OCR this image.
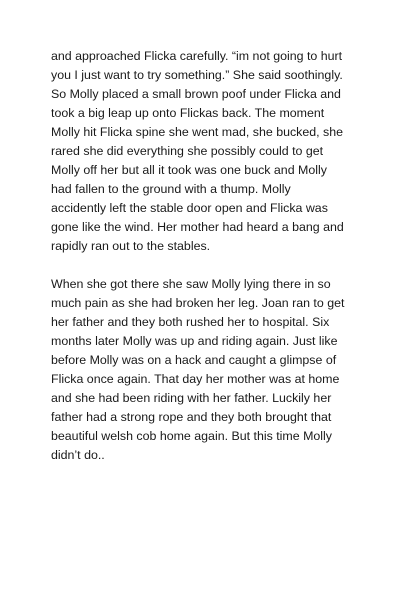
and approached Flicka carefully. “im not going to hurt
you I just want to try something.” She said soothingly.
So Molly placed a small brown poof under Flicka and
took a big leap up onto Flickas back. The moment
Molly hit Flicka spine she went mad, she bucked, she
rared she did everything she possibly could to get
Molly off her but all it took was one buck and Molly
had fallen to the ground with a thump. Molly
accidently left the stable door open and Flicka was
gone like the wind. Her mother had heard a bang and
rapidly ran out to the stables.
When she got there she saw Molly lying there in so
much pain as she had broken her leg. Joan ran to get
her father and they both rushed her to hospital. Six
months later Molly was up and riding again. Just like
before Molly was on a hack and caught a glimpse of
Flicka once again. That day her mother was at home
and she had been riding with her father. Luckily her
father had a strong rope and they both brought that
beautiful welsh cob home again. But this time Molly
didn’t do..
